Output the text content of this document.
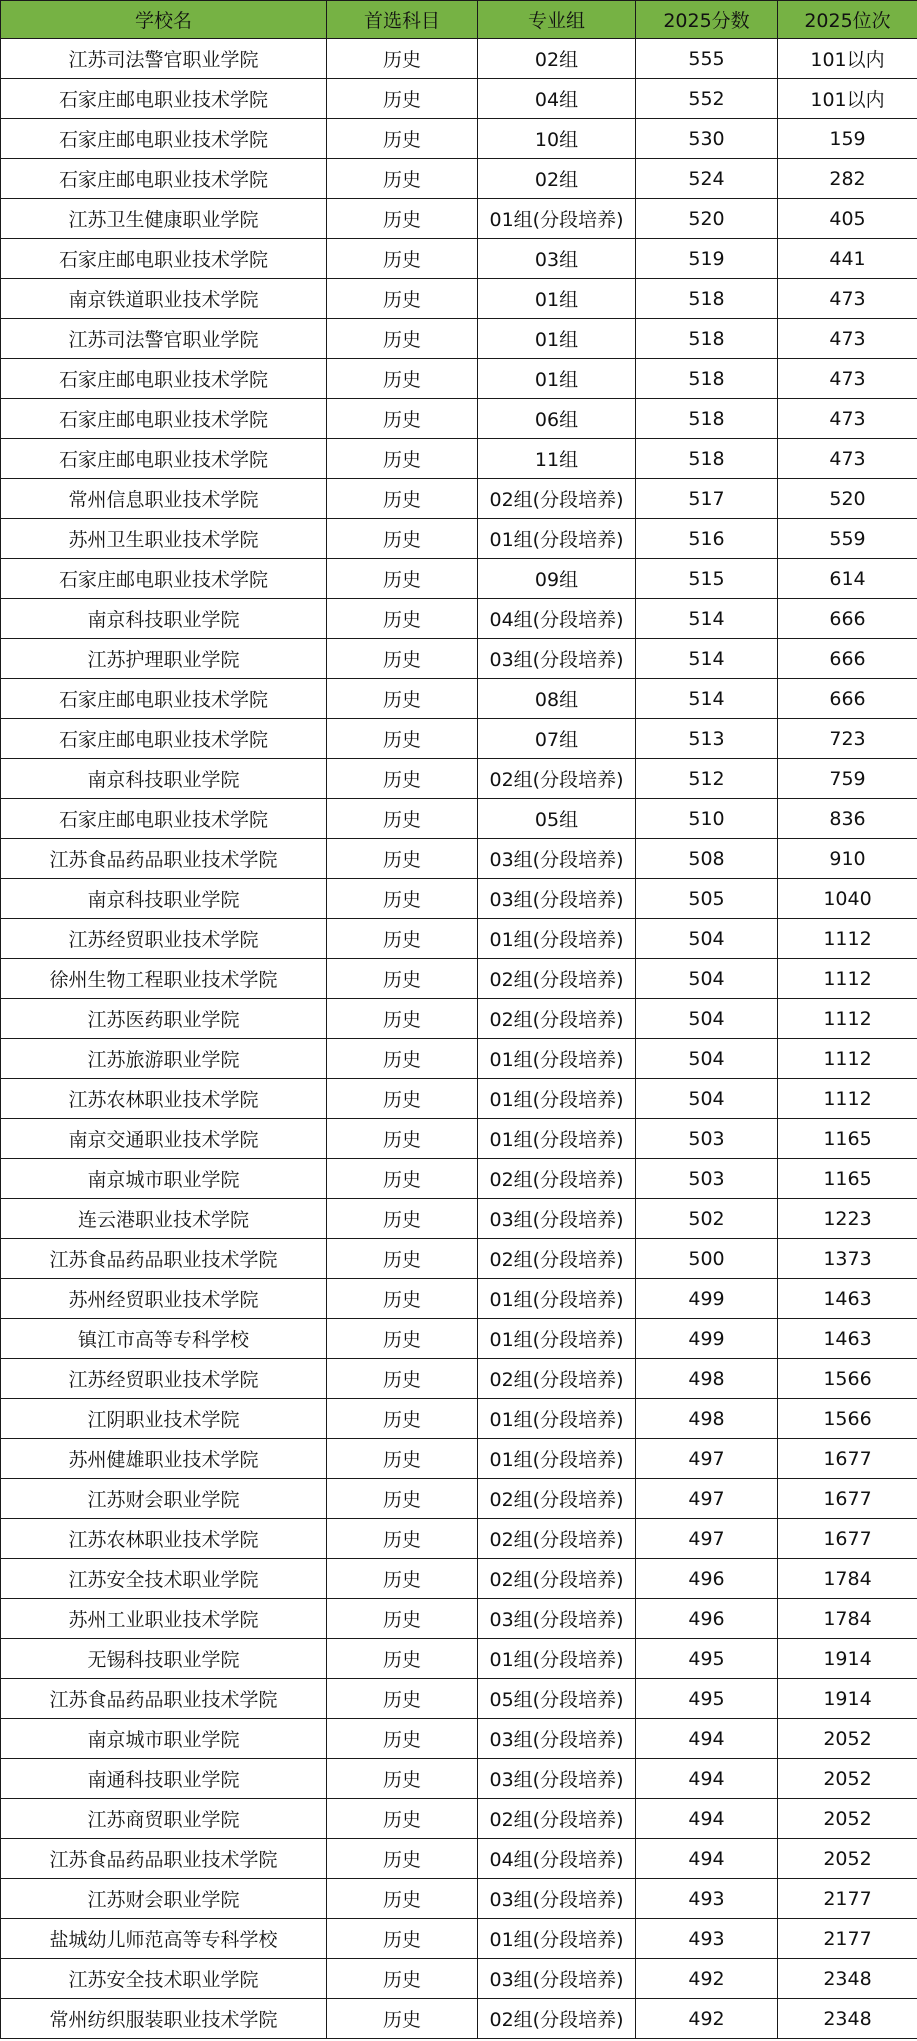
学校名	首选科目	专业组	2025分数	2025位次
江苏司法警官职业学院	历史	02组	555	101以内
石家庄邮电职业技术学院	历史	04组	552	101以内
石家庄邮电职业技术学院	历史	10组	530	159
石家庄邮电职业技术学院	历史	02组	524	282
江苏卫生健康职业学院	历史	01组(分段培养)	520	405
石家庄邮电职业技术学院	历史	03组	519	441
南京铁道职业技术学院	历史	01组	518	473
江苏司法警官职业学院	历史	01组	518	473
石家庄邮电职业技术学院	历史	01组	518	473
石家庄邮电职业技术学院	历史	06组	518	473
石家庄邮电职业技术学院	历史	11组	518	473
常州信息职业技术学院	历史	02组(分段培养)	517	520
苏州卫生职业技术学院	历史	01组(分段培养)	516	559
石家庄邮电职业技术学院	历史	09组	515	614
南京科技职业学院	历史	04组(分段培养)	514	666
江苏护理职业学院	历史	03组(分段培养)	514	666
石家庄邮电职业技术学院	历史	08组	514	666
石家庄邮电职业技术学院	历史	07组	513	723
南京科技职业学院	历史	02组(分段培养)	512	759
石家庄邮电职业技术学院	历史	05组	510	836
江苏食品药品职业技术学院	历史	03组(分段培养)	508	910
南京科技职业学院	历史	03组(分段培养)	505	1040
江苏经贸职业技术学院	历史	01组(分段培养)	504	1112
徐州生物工程职业技术学院	历史	02组(分段培养)	504	1112
江苏医药职业学院	历史	02组(分段培养)	504	1112
江苏旅游职业学院	历史	01组(分段培养)	504	1112
江苏农林职业技术学院	历史	01组(分段培养)	504	1112
南京交通职业技术学院	历史	01组(分段培养)	503	1165
南京城市职业学院	历史	02组(分段培养)	503	1165
连云港职业技术学院	历史	03组(分段培养)	502	1223
江苏食品药品职业技术学院	历史	02组(分段培养)	500	1373
苏州经贸职业技术学院	历史	01组(分段培养)	499	1463
镇江市高等专科学校	历史	01组(分段培养)	499	1463
江苏经贸职业技术学院	历史	02组(分段培养)	498	1566
江阴职业技术学院	历史	01组(分段培养)	498	1566
苏州健雄职业技术学院	历史	01组(分段培养)	497	1677
江苏财会职业学院	历史	02组(分段培养)	497	1677
江苏农林职业技术学院	历史	02组(分段培养)	497	1677
江苏安全技术职业学院	历史	02组(分段培养)	496	1784
苏州工业职业技术学院	历史	03组(分段培养)	496	1784
无锡科技职业学院	历史	01组(分段培养)	495	1914
江苏食品药品职业技术学院	历史	05组(分段培养)	495	1914
南京城市职业学院	历史	03组(分段培养)	494	2052
南通科技职业学院	历史	03组(分段培养)	494	2052
江苏商贸职业学院	历史	02组(分段培养)	494	2052
江苏食品药品职业技术学院	历史	04组(分段培养)	494	2052
江苏财会职业学院	历史	03组(分段培养)	493	2177
盐城幼儿师范高等专科学校	历史	01组(分段培养)	493	2177
江苏安全技术职业学院	历史	03组(分段培养)	492	2348
常州纺织服装职业技术学院	历史	02组(分段培养)	492	2348
